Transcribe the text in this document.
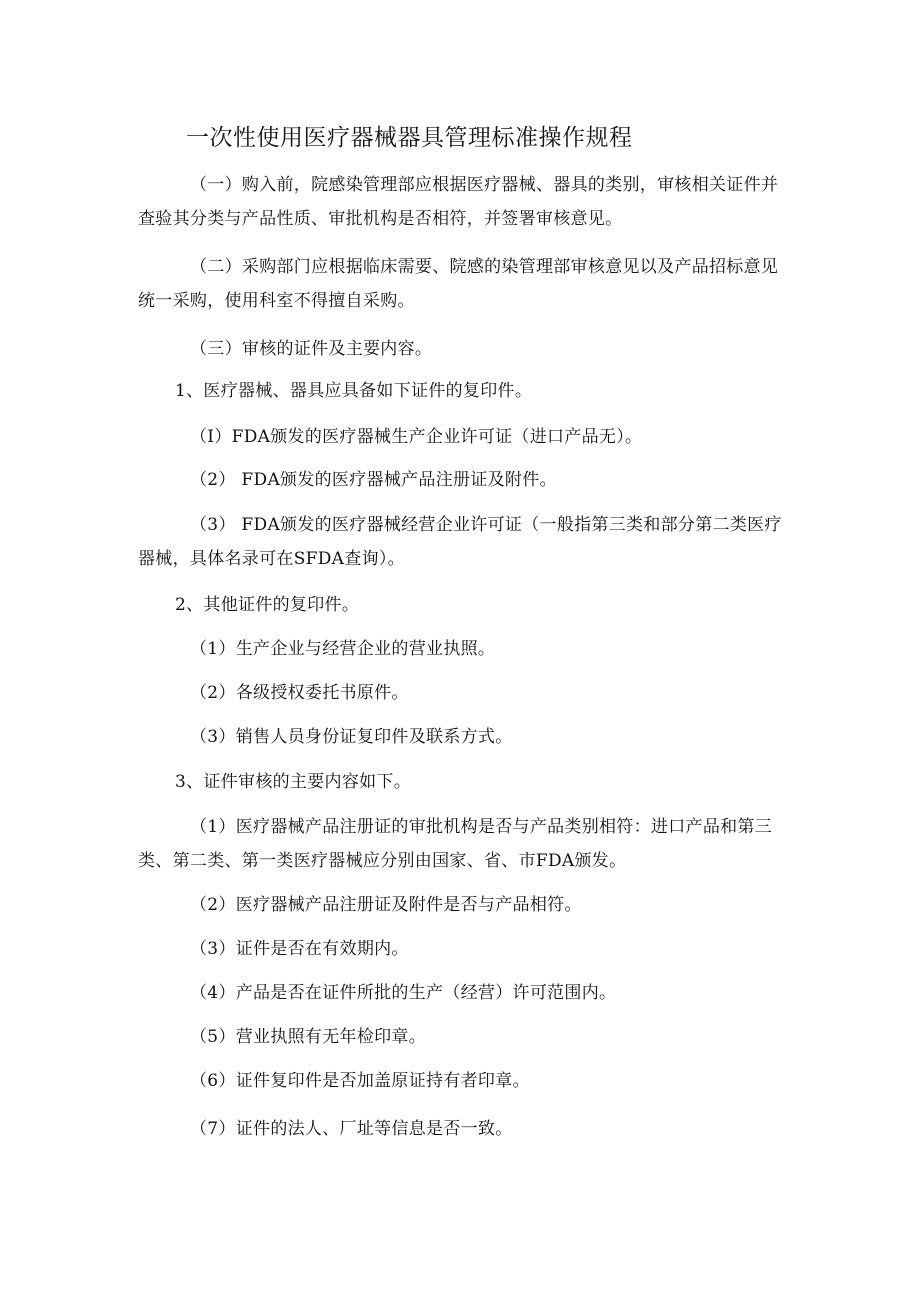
一次性使用医疗器械器具管理标准操作规程

（一）购入前，院感染管理部应根据医疗器械、器具的类别，审核相关证件并查验其分类与产品性质、审批机构是否相符，并签署审核意见。

（二）采购部门应根据临床需要、院感的染管理部审核意见以及产品招标意见统一采购，使用科室不得擅自采购。

（三）审核的证件及主要内容。

1、医疗器械、器具应具备如下证件的复印件。

（I）FDA颁发的医疗器械生产企业许可证（进口产品无）。

（2） FDA颁发的医疗器械产品注册证及附件。

（3） FDA颁发的医疗器械经营企业许可证（一般指第三类和部分第二类医疗器械，具体名录可在SFDA查询）。

2、其他证件的复印件。

（1）生产企业与经营企业的营业执照。

（2）各级授权委托书原件。

（3）销售人员身份证复印件及联系方式。

3、证件审核的主要内容如下。

（1）医疗器械产品注册证的审批机构是否与产品类别相符：进口产品和第三类、第二类、第一类医疗器械应分别由国家、省、市FDA颁发。

（2）医疗器械产品注册证及附件是否与产品相符。

（3）证件是否在有效期内。

（4）产品是否在证件所批的生产（经营）许可范围内。

（5）营业执照有无年检印章。

（6）证件复印件是否加盖原证持有者印章。

（7）证件的法人、厂址等信息是否一致。
